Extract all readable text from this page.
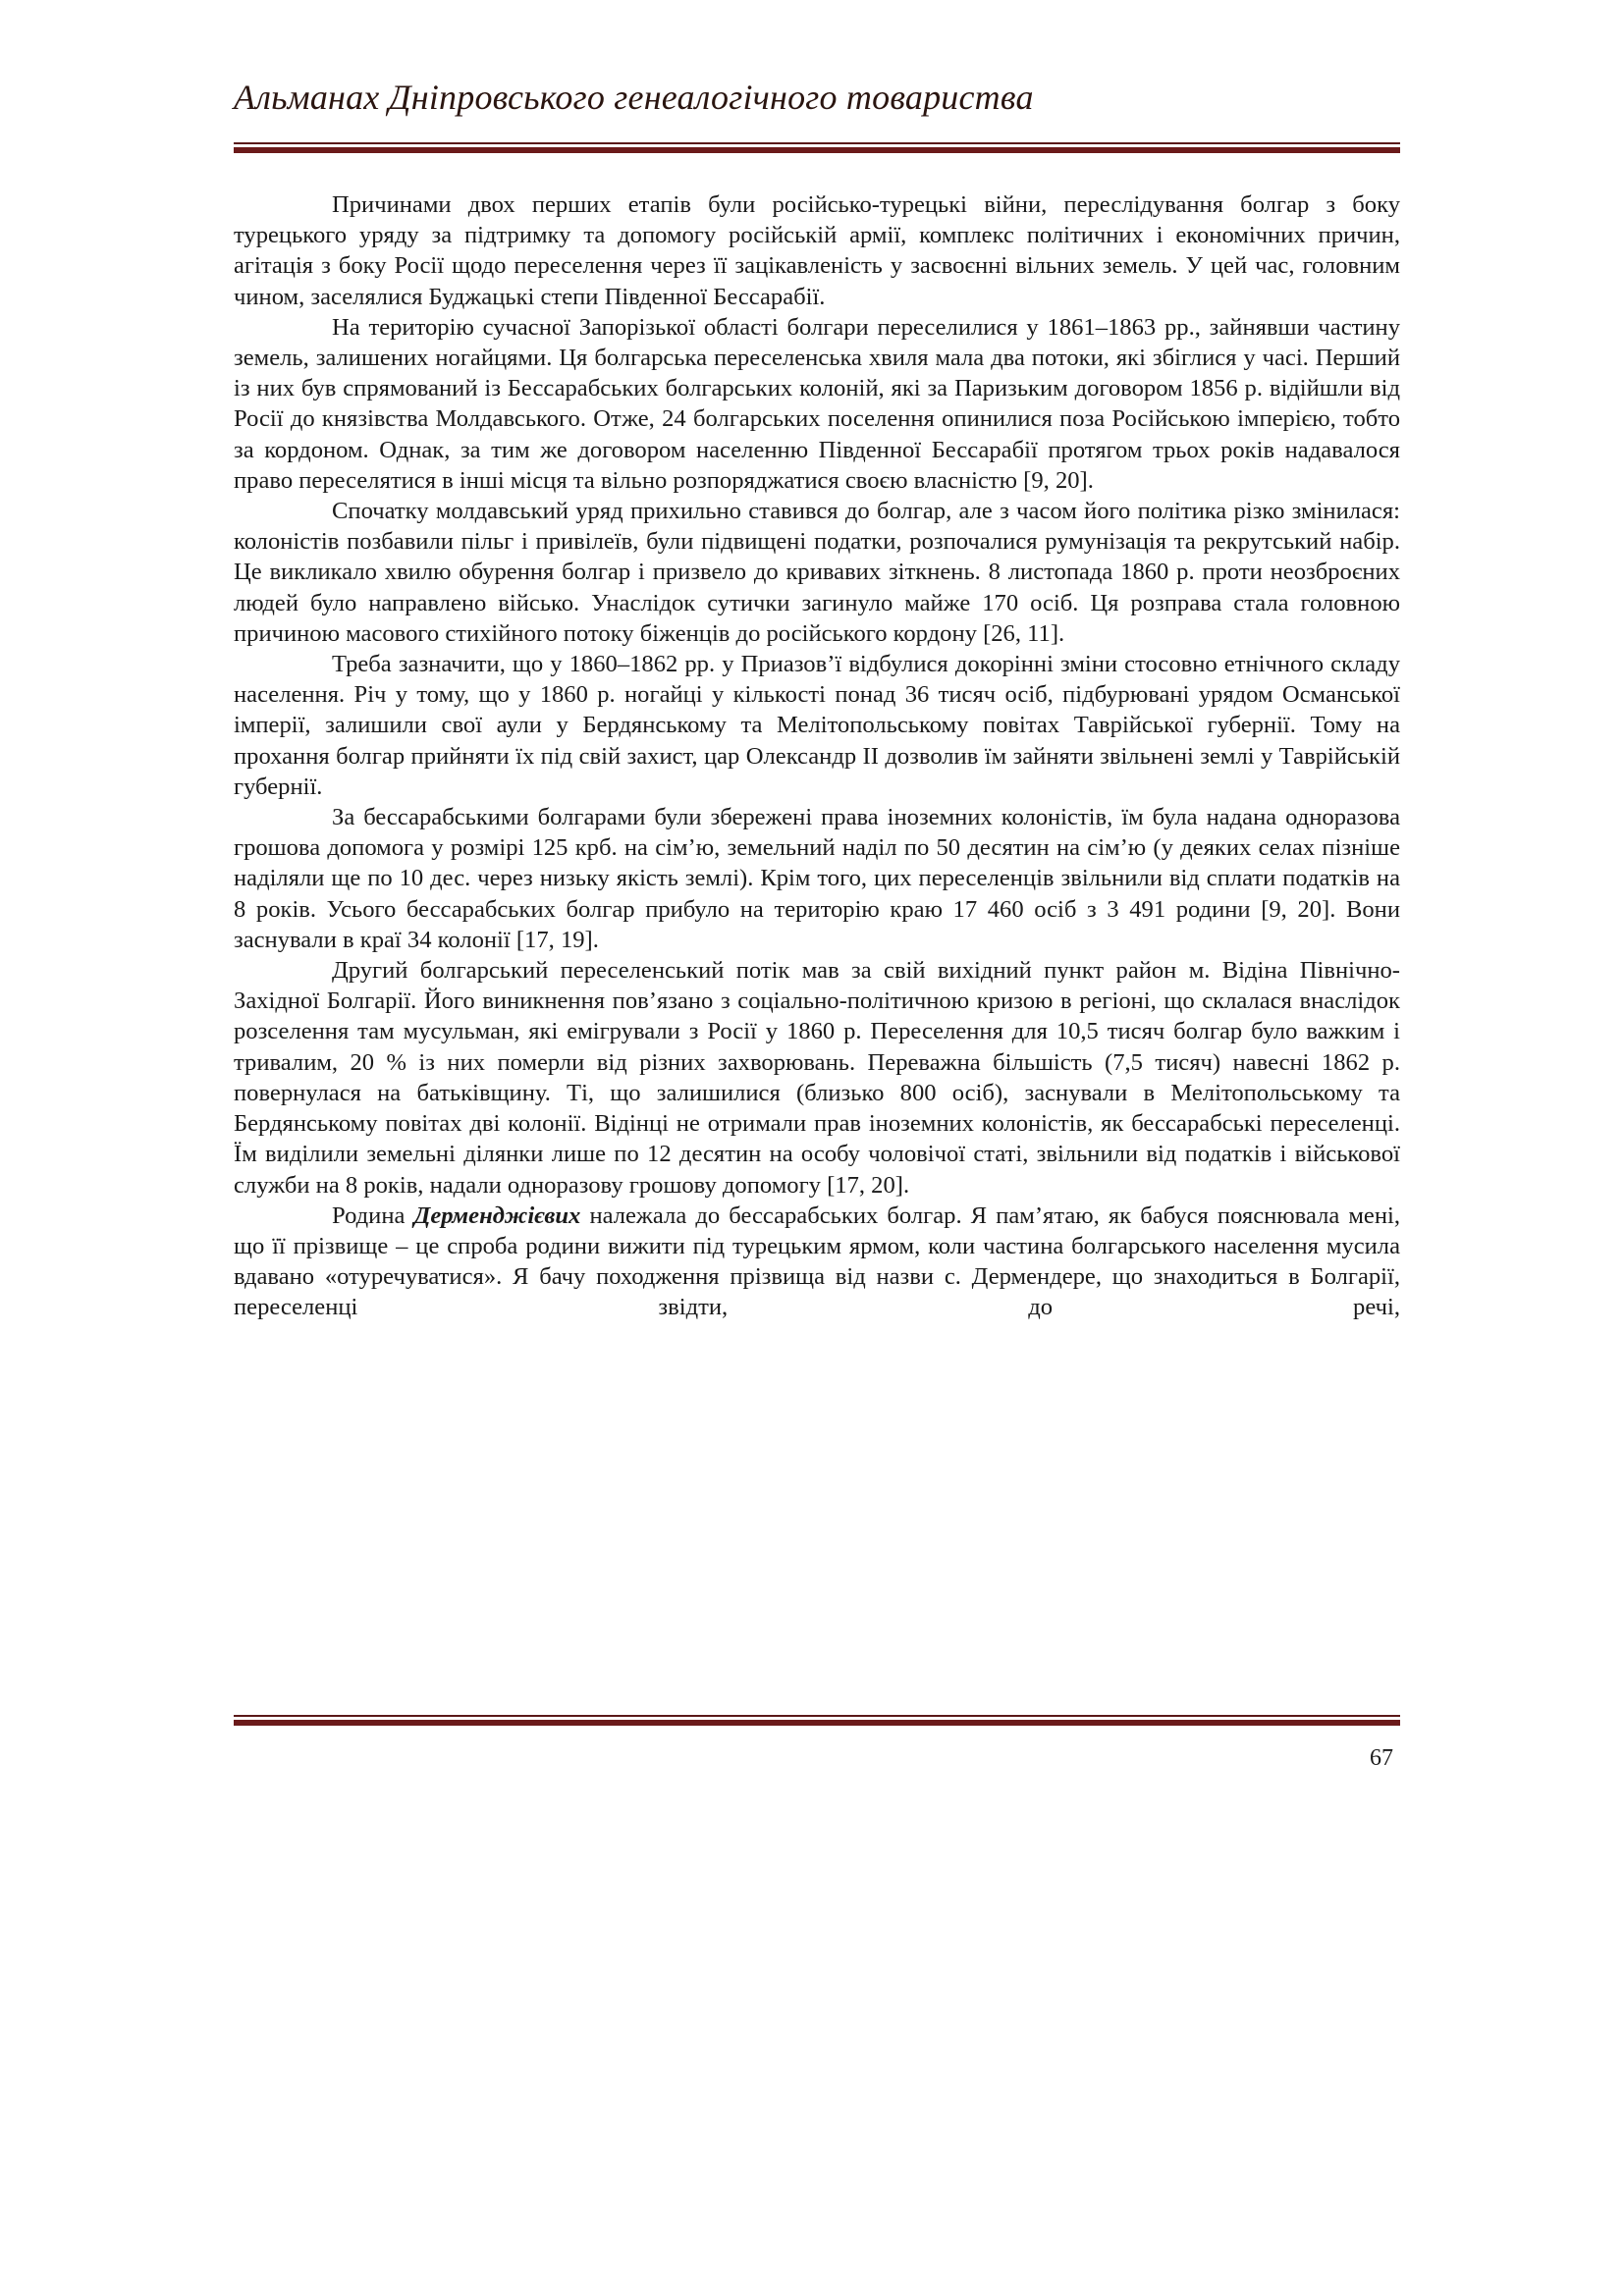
Альманах Дніпровського генеалогічного товариства

Причинами двох перших етапів були російсько-турецькі війни, переслідування болгар з боку турецького уряду за підтримку та допомогу російській армії, комплекс політичних і економічних причин, агітація з боку Росії щодо переселення через її зацікавленість у засвоєнні вільних земель. У цей час, головним чином, заселялися Буджацькі степи Південної Бессарабії.

На територію сучасної Запорізької області болгари переселилися у 1861–1863 рр., зайнявши частину земель, залишених ногайцями. Ця болгарська переселенська хвиля мала два потоки, які збіглися у часі. Перший із них був спрямований із Бессарабських болгарських колоній, які за Паризьким договором 1856 р. відійшли від Росії до князівства Молдавського. Отже, 24 болгарських поселення опинилися поза Російською імперією, тобто за кордоном. Однак, за тим же договором населенню Південної Бессарабії протягом трьох років надавалося право переселятися в інші місця та вільно розпоряджатися своєю власністю [9, 20].

Спочатку молдавський уряд прихильно ставився до болгар, але з часом його політика різко змінилася: колоністів позбавили пільг і привілеїв, були підвищені податки, розпочалися румунізація та рекрутський набір. Це викликало хвилю обурення болгар і призвело до кривавих зіткнень. 8 листопада 1860 р. проти неозброєних людей було направлено військо. Унаслідок сутички загинуло майже 170 осіб. Ця розправа стала головною причиною масового стихійного потоку біженців до російського кордону [26, 11].

Треба зазначити, що у 1860–1862 рр. у Приазов’ї відбулися докорінні зміни стосовно етнічного складу населення. Річ у тому, що у 1860 р. ногайці у кількості понад 36 тисяч осіб, підбурювані урядом Османської імперії, залишили свої аули у Бердянському та Мелітопольському повітах Таврійської губернії. Тому на прохання болгар прийняти їх під свій захист, цар Олександр ІІ дозволив їм зайняти звільнені землі у Таврійській губернії.

За бессарабськими болгарами були збережені права іноземних колоністів, їм була надана одноразова грошова допомога у розмірі 125 крб. на сім’ю, земельний наділ по 50 десятин на сім’ю (у деяких селах пізніше наділяли ще по 10 дес. через низьку якість землі). Крім того, цих переселенців звільнили від сплати податків на 8 років. Усього бессарабських болгар прибуло на територію краю 17 460 осіб з 3 491 родини [9, 20]. Вони заснували в краї 34 колонії [17, 19].

Другий болгарський переселенський потік мав за свій вихідний пункт район м. Відіна Північно-Західної Болгарії. Його виникнення пов’язано з соціально-політичною кризою в регіоні, що склалася внаслідок розселення там мусульман, які емігрували з Росії у 1860 р. Переселення для 10,5 тисяч болгар було важким і тривалим, 20 % із них померли від різних захворювань. Переважна більшість (7,5 тисяч) навесні 1862 р. повернулася на батьківщину. Ті, що залишилися (близько 800 осіб), заснували в Мелітопольському та Бердянському повітах дві колонії. Відінці не отримали прав іноземних колоністів, як бессарабські переселенці. Їм виділили земельні ділянки лише по 12 десятин на особу чоловічої статі, звільнили від податків і військової служби на 8 років, надали одноразову грошову допомогу [17, 20].

Родина Дерменджієвих належала до бессарабських болгар. Я пам’ятаю, як бабуся пояснювала мені, що її прізвище – це спроба родини вижити під турецьким ярмом, коли частина болгарського населення мусила вдавано «отуречуватися». Я бачу походження прізвища від назви с. Дермендере, що знаходиться в Болгарії, переселенці звідти, до речі,

67
